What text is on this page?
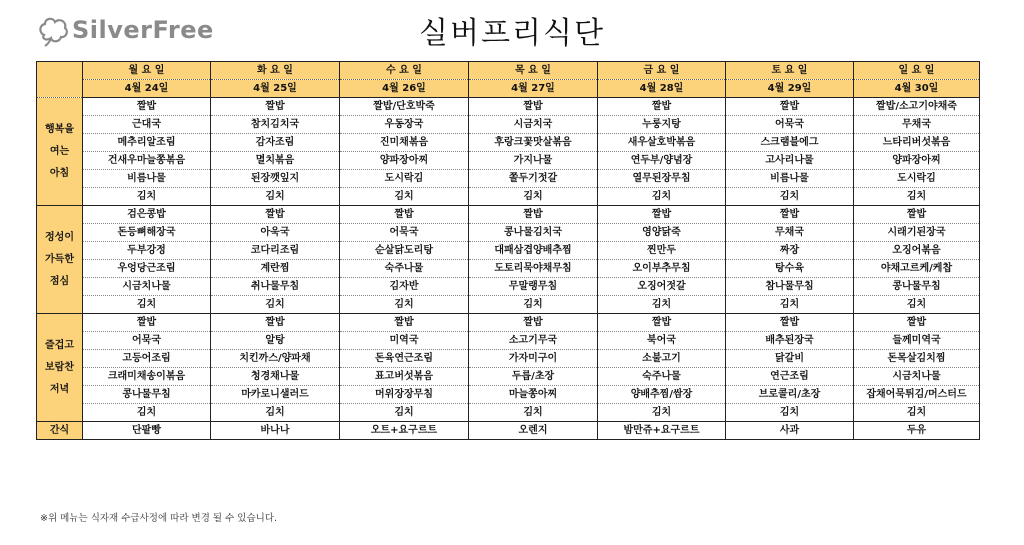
SilverFree	실버프리식단
	월 요 일	화 요 일	수 요 일	목 요 일	금 요 일	토 요 일	일 요 일
	4월 24일	4월 25일	4월 26일	4월 27일	4월 28일	4월 29일	4월 30일

행복을
여는
아침	짤밥	짤밥	짤밥/단호박죽	짤밥	짤밥	짤밥	짤밥/소고기야채죽
	근대국	참치김치국	우동장국	시금치국	누룽지탕	어묵국	무채국
	메추리알조림	감자조림	진미채볶음	후랑크꽃맛살볶음	새우살호박볶음	스크램블에그	느타리버섯볶음
	건새우마늘쫑볶음	멸치볶음	양파장아찌	가지나물	연두부/양념장	고사리나물	양파장아찌
	비름나물	된장깻잎지	도시락김	쫄두기젓갈	열무된장무침	비름나물	도시락김
	김치	김치	김치	김치	김치	김치	김치

정성이
가득한
점심	검은콩밥	짤밥	짤밥	짤밥	짤밥	짤밥	짤밥
	돈등뼈해장국	아욱국	어묵국	콩나물김치국	영양닭죽	무채국	시래기된장국
	두부강정	코다리조림	순살닭도리탕	대패삼겹양배추찜	찐만두	짜장	오징어볶음
	우엉당근조림	계란찜	숙주나물	도토리묵야채무침	오이부추무침	탕수육	야채고르케/케찹
	시금치나물	취나물무침	김자반	무말랭무침	오징어젓갈	참나물무침	콩나물무침
	김치	김치	김치	김치	김치	김치	김치

즐겁고
보람찬
저녁	짤밥	짤밥	짤밥	짤밥	짤밥	짤밥	짤밥
	어묵국	알탕	미역국	소고기무국	북어국	배추된장국	들께미역국
	고등어조림	치킨까스/양파채	돈육연근조림	가자미구이	소불고기	닭갈비	돈목살김치찜
	크래미채송이볶음	청경채나물	표고버섯볶음	두릅/초장	숙주나물	연근조림	시금치나물
	콩나물무침	마카로니샐러드	머위장장무침	마늘쫑아찌	양배추찜/쌈장	브로콜리/초장	잡채어묵튀김/머스터드
	김치	김치	김치	김치	김치	김치	김치

간식	단팥빵	바나나	오트+요구르트	오렌지	밤만쥬+요구르트	사과	두유
※위 메뉴는 식자재 수급사정에 따라 변경 될 수 있습니다.
